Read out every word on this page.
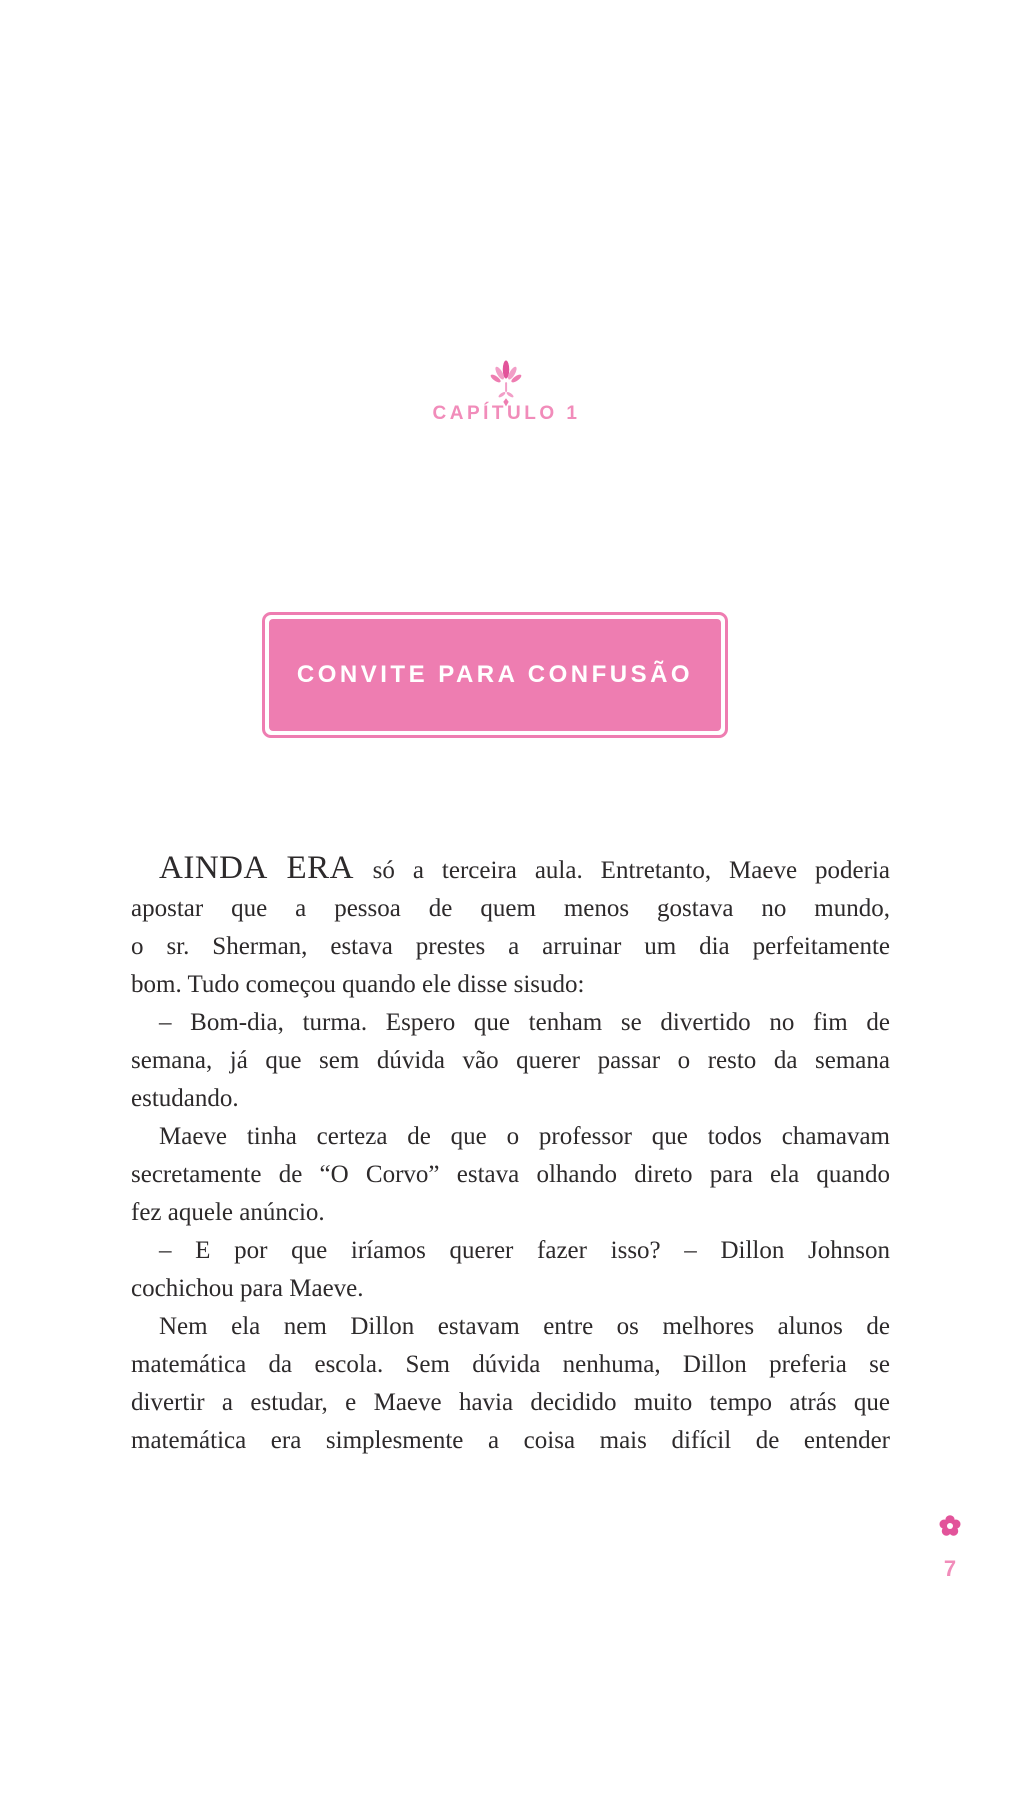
CAPÍTULO 1
CONVITE PARA CONFUSÃO
AINDA ERA só a terceira aula. Entretanto, Maeve poderia
apostar que a pessoa de quem menos gostava no mundo,
o sr. Sherman, estava prestes a arruinar um dia perfeitamente
bom. Tudo começou quando ele disse sisudo:
– Bom-dia, turma. Espero que tenham se divertido no fim de
semana, já que sem dúvida vão querer passar o resto da semana
estudando.
Maeve tinha certeza de que o professor que todos chamavam
secretamente de “O Corvo” estava olhando direto para ela quando
fez aquele anúncio.
– E por que iríamos querer fazer isso? – Dillon Johnson
cochichou para Maeve.
Nem ela nem Dillon estavam entre os melhores alunos de
matemática da escola. Sem dúvida nenhuma, Dillon preferia se
divertir a estudar, e Maeve havia decidido muito tempo atrás que
matemática era simplesmente a coisa mais difícil de entender
7
